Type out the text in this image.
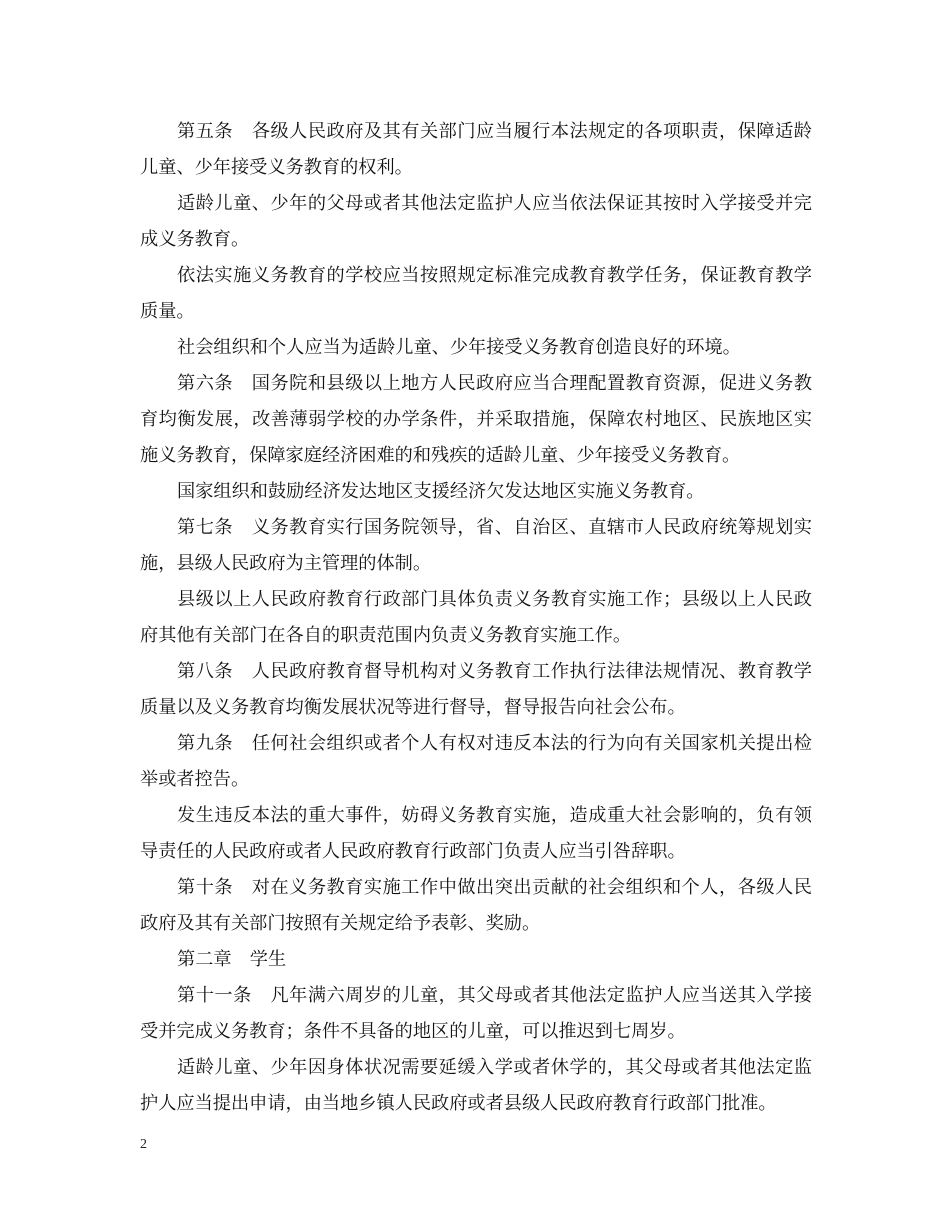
第五条　各级人民政府及其有关部门应当履行本法规定的各项职责，保障适龄儿童、少年接受义务教育的权利。

适龄儿童、少年的父母或者其他法定监护人应当依法保证其按时入学接受并完成义务教育。

依法实施义务教育的学校应当按照规定标准完成教育教学任务，保证教育教学质量。

社会组织和个人应当为适龄儿童、少年接受义务教育创造良好的环境。

第六条　国务院和县级以上地方人民政府应当合理配置教育资源，促进义务教育均衡发展，改善薄弱学校的办学条件，并采取措施，保障农村地区、民族地区实施义务教育，保障家庭经济困难的和残疾的适龄儿童、少年接受义务教育。

国家组织和鼓励经济发达地区支援经济欠发达地区实施义务教育。

第七条　义务教育实行国务院领导，省、自治区、直辖市人民政府统筹规划实施，县级人民政府为主管理的体制。

县级以上人民政府教育行政部门具体负责义务教育实施工作；县级以上人民政府其他有关部门在各自的职责范围内负责义务教育实施工作。

第八条　人民政府教育督导机构对义务教育工作执行法律法规情况、教育教学质量以及义务教育均衡发展状况等进行督导，督导报告向社会公布。

第九条　任何社会组织或者个人有权对违反本法的行为向有关国家机关提出检举或者控告。

发生违反本法的重大事件，妨碍义务教育实施，造成重大社会影响的，负有领导责任的人民政府或者人民政府教育行政部门负责人应当引咎辞职。

第十条　对在义务教育实施工作中做出突出贡献的社会组织和个人，各级人民政府及其有关部门按照有关规定给予表彰、奖励。

第二章　学生

第十一条　凡年满六周岁的儿童，其父母或者其他法定监护人应当送其入学接受并完成义务教育；条件不具备的地区的儿童，可以推迟到七周岁。

适龄儿童、少年因身体状况需要延缓入学或者休学的，其父母或者其他法定监护人应当提出申请，由当地乡镇人民政府或者县级人民政府教育行政部门批准。

2
